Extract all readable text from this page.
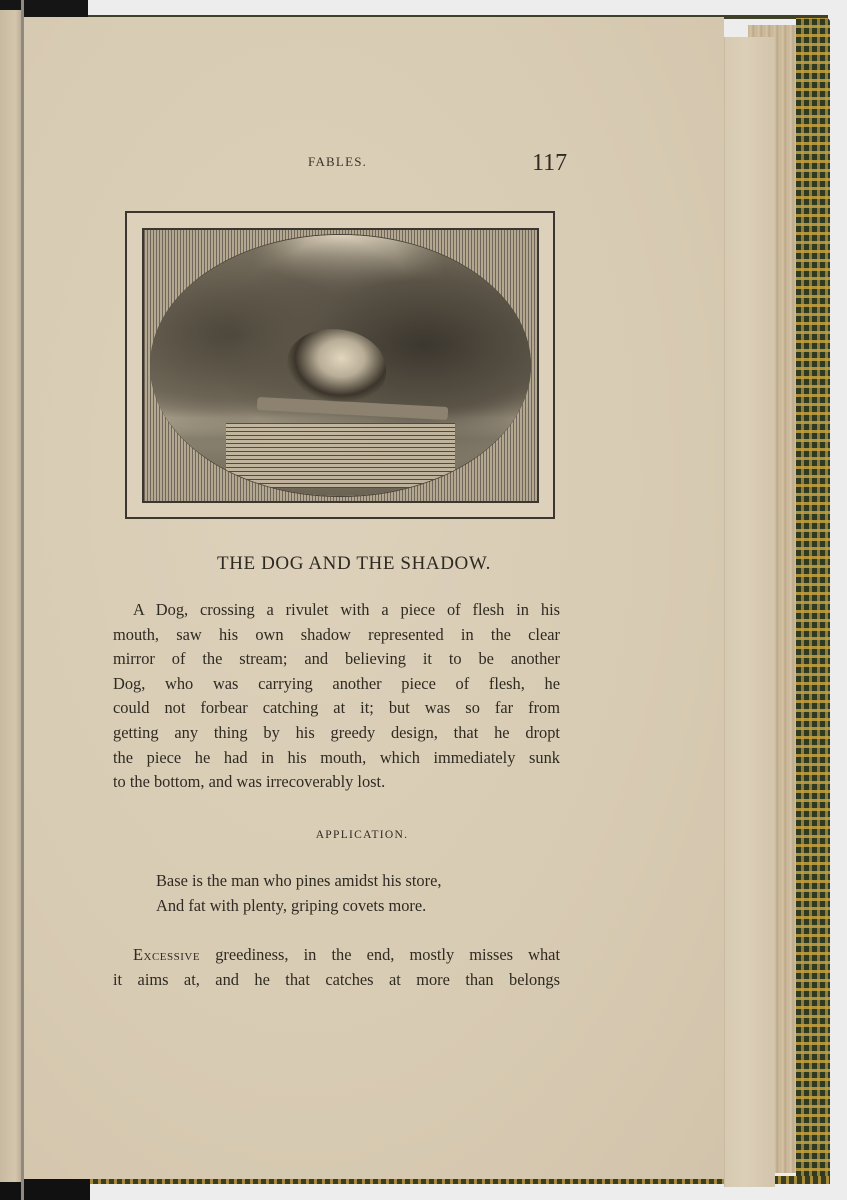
FABLES.	117
THE DOG AND THE SHADOW.
A Dog, crossing a rivulet with a piece of flesh in his
mouth, saw his own shadow represented in the clear
mirror of the stream; and believing it to be another
Dog, who was carrying another piece of flesh, he
could not forbear catching at it; but was so far from
getting any thing by his greedy design, that he dropt
the piece he had in his mouth, which immediately sunk
to the bottom, and was irrecoverably lost.
APPLICATION.
Base is the man who pines amidst his store,
And fat with plenty, griping covets more.
Excessive greediness, in the end, mostly misses what
it aims at, and he that catches at more than belongs
